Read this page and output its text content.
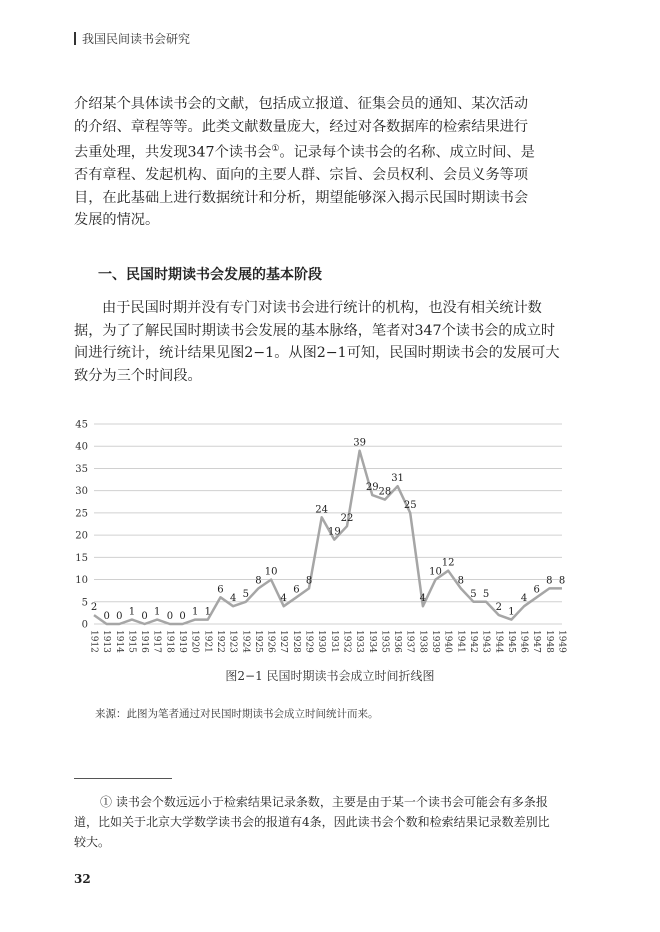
我国民间读书会研究
介绍某个具体读书会的文献，包括成立报道、征集会员的通知、某次活动
的介绍、章程等等。此类文献数量庞大，经过对各数据库的检索结果进行
去重处理，共发现347个读书会①。记录每个读书会的名称、成立时间、是
否有章程、发起机构、面向的主要人群、宗旨、会员权利、会员义务等项
目，在此基础上进行数据统计和分析，期望能够深入揭示民国时期读书会
发展的情况。
一、民国时期读书会发展的基本阶段
由于民国时期并没有专门对读书会进行统计的机构，也没有相关统计数
据，为了了解民国时期读书会发展的基本脉络，笔者对347个读书会的成立时
间进行统计，统计结果见图2−1。从图2−1可知，民国时期读书会的发展可大
致分为三个时间段。
0
5
10
15
20
25
30
35
40
45
1912 1913 1914 1915 1916 1917 1918 1919 1920 1921 1922 1923 1924 1925 1926 1927 1928 1929 1930 1931 1932 1933 1934 1935 1936 1937 1938 1939 1940 1941 1942 1943 1944 1945 1946 1947 1948 1949
2
0 0 1 0 1 0 0 1 1
6
4 5
8
10
4
6
8
24
19
22
39
29 28
31
25
4
10
12
8
5 5
2 1
4
6
8 8
图2−1 民国时期读书会成立时间折线图
来源：此图为笔者通过对民国时期读书会成立时间统计而来。
① 读书会个数远远小于检索结果记录条数，主要是由于某一个读书会可能会有多条报
道，比如关于北京大学数学读书会的报道有4条，因此读书会个数和检索结果记录数差别比
较大。
32
